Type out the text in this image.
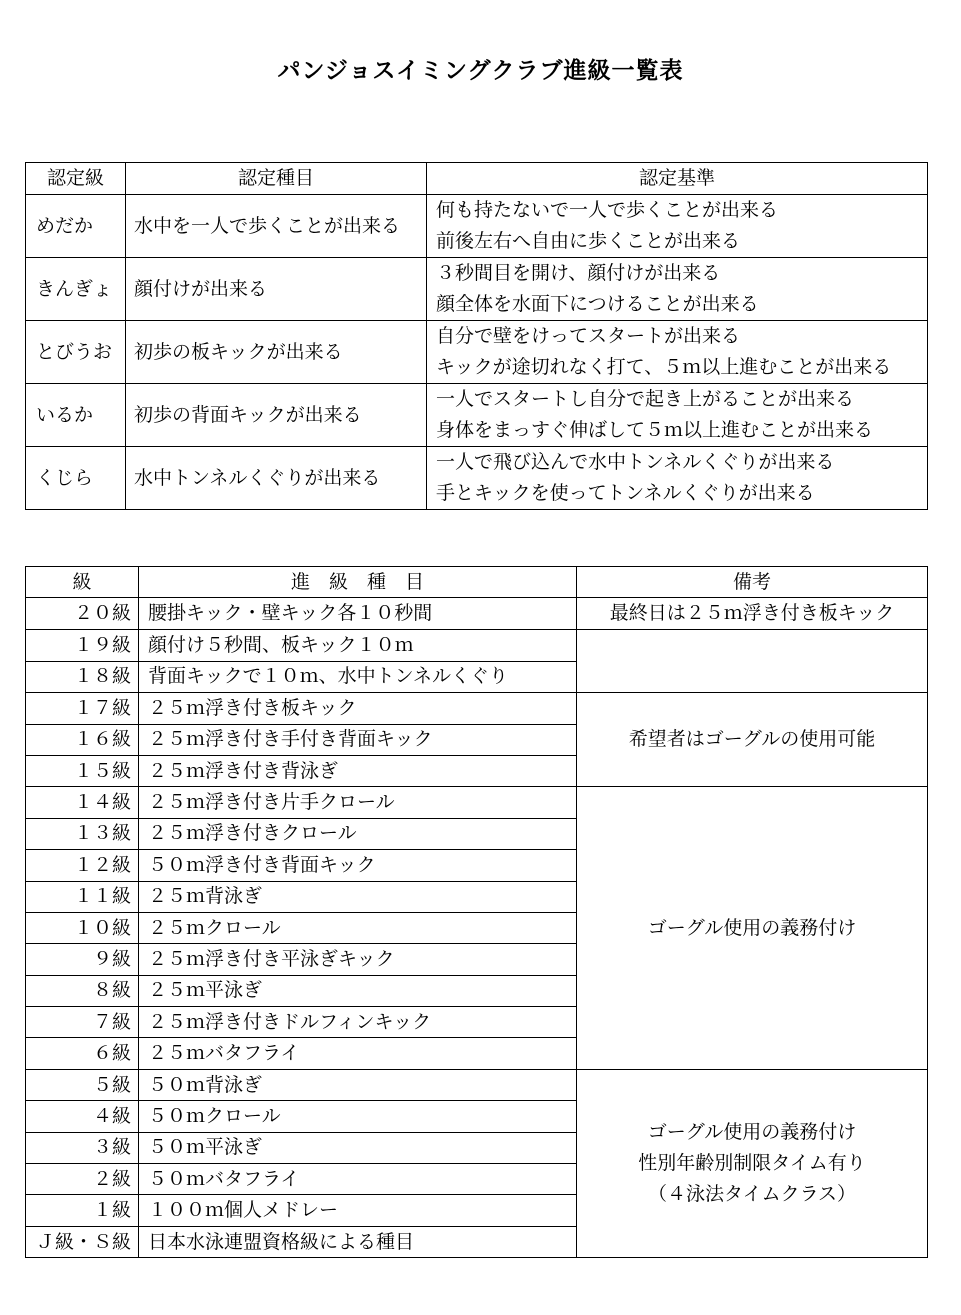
パンジョスイミングクラブ進級一覧表
認定級	認定種目	認定基準
めだか	水中を一人で歩くことが出来る	何も持たないで一人で歩くことが出来る
前後左右へ自由に歩くことが出来る

きんぎょ	顔付けが出来る	３秒間目を開け、顔付けが出来る
顔全体を水面下につけることが出来る

とびうお	初歩の板キックが出来る	自分で壁をけってスタートが出来る
キックが途切れなく打て、５ｍ以上進むことが出来る

いるか	初歩の背面キックが出来る	一人でスタートし自分で起き上がることが出来る
身体をまっすぐ伸ばして５ｍ以上進むことが出来る

くじら	水中トンネルくぐりが出来る	一人で飛び込んで水中トンネルくぐりが出来る
手とキックを使ってトンネルくぐりが出来る
級	進　級　種　目	備考
２０級	腰掛キック・壁キック各１０秒間	最終日は２５ｍ浮き付き板キック

１９級	顔付け５秒間、板キック１０ｍ	

１８級	背面キックで１０ｍ、水中トンネルくぐり	
１７級	２５ｍ浮き付き板キック	希望者はゴーグルの使用可能

１６級	２５ｍ浮き付き手付き背面キック	
１５級	２５ｍ浮き付き背泳ぎ	
１４級	２５ｍ浮き付き片手クロール	ゴーグル使用の義務付け

１３級	２５ｍ浮き付きクロール	
１２級	５０ｍ浮き付き背面キック	
１１級	２５ｍ背泳ぎ	
１０級	２５ｍクロール	
９級	２５ｍ浮き付き平泳ぎキック	
８級	２５ｍ平泳ぎ	
７級	２５ｍ浮き付きドルフィンキック	
６級	２５ｍバタフライ	
５級	５０ｍ背泳ぎ	ゴーグル使用の義務付け
性別年齢別制限タイム有り
（４泳法タイムクラス）

４級	５０ｍクロール	
３級	５０ｍ平泳ぎ	
２級	５０ｍバタフライ	
１級	１００ｍ個人メドレー	
Ｊ級・Ｓ級	日本水泳連盟資格級による種目	
